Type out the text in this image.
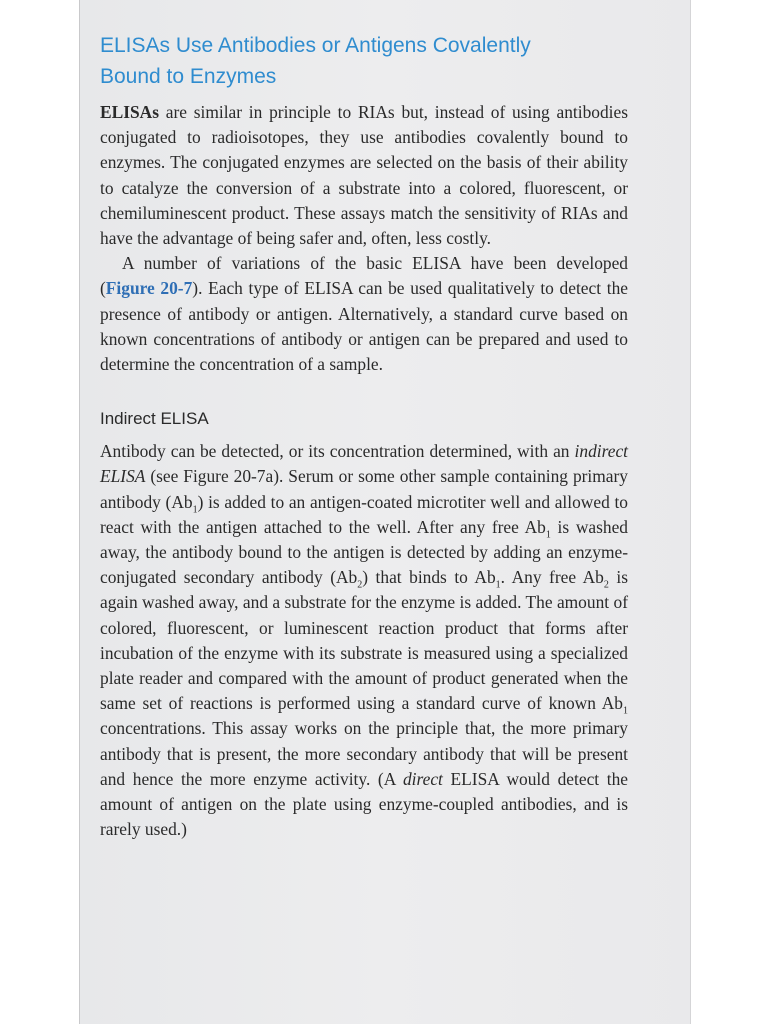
ELISAs Use Antibodies or Antigens Covalently
Bound to Enzymes

ELISAs are similar in principle to RIAs but, instead of using antibodies conjugated to radioisotopes, they use antibodies covalently bound to enzymes. The conjugated enzymes are selected on the basis of their ability to catalyze the conversion of a substrate into a colored, fluorescent, or chemiluminescent product. These assays match the sensitivity of RIAs and have the advantage of being safer and, often, less costly.

A number of variations of the basic ELISA have been developed (Figure 20-7). Each type of ELISA can be used qualitatively to detect the presence of antibody or antigen. Alternatively, a standard curve based on known concentrations of antibody or antigen can be prepared and used to determine the concentration of a sample.

Indirect ELISA

Antibody can be detected, or its concentration determined, with an indirect ELISA (see Figure 20-7a). Serum or some other sample containing primary antibody $(Ab_1)$ is added to an antigen-coated microtiter well and allowed to react with the antigen attached to the well. After any free $Ab_1$ is washed away, the antibody bound to the antigen is detected by adding an enzyme-conjugated secondary antibody $(Ab_2)$ that binds to $Ab_1$. Any free $Ab_2$ is again washed away, and a substrate for the enzyme is added. The amount of colored, fluorescent, or luminescent reaction product that forms after incubation of the enzyme with its substrate is measured using a specialized plate reader and compared with the amount of product generated when the same set of reactions is performed using a standard curve of known $Ab_1$ concentrations. This assay works on the principle that, the more primary antibody that is present, the more secondary antibody that will be present and hence the more enzyme activity. (A direct ELISA would detect the amount of antigen on the plate using enzyme-coupled antibodies, and is rarely used.)
